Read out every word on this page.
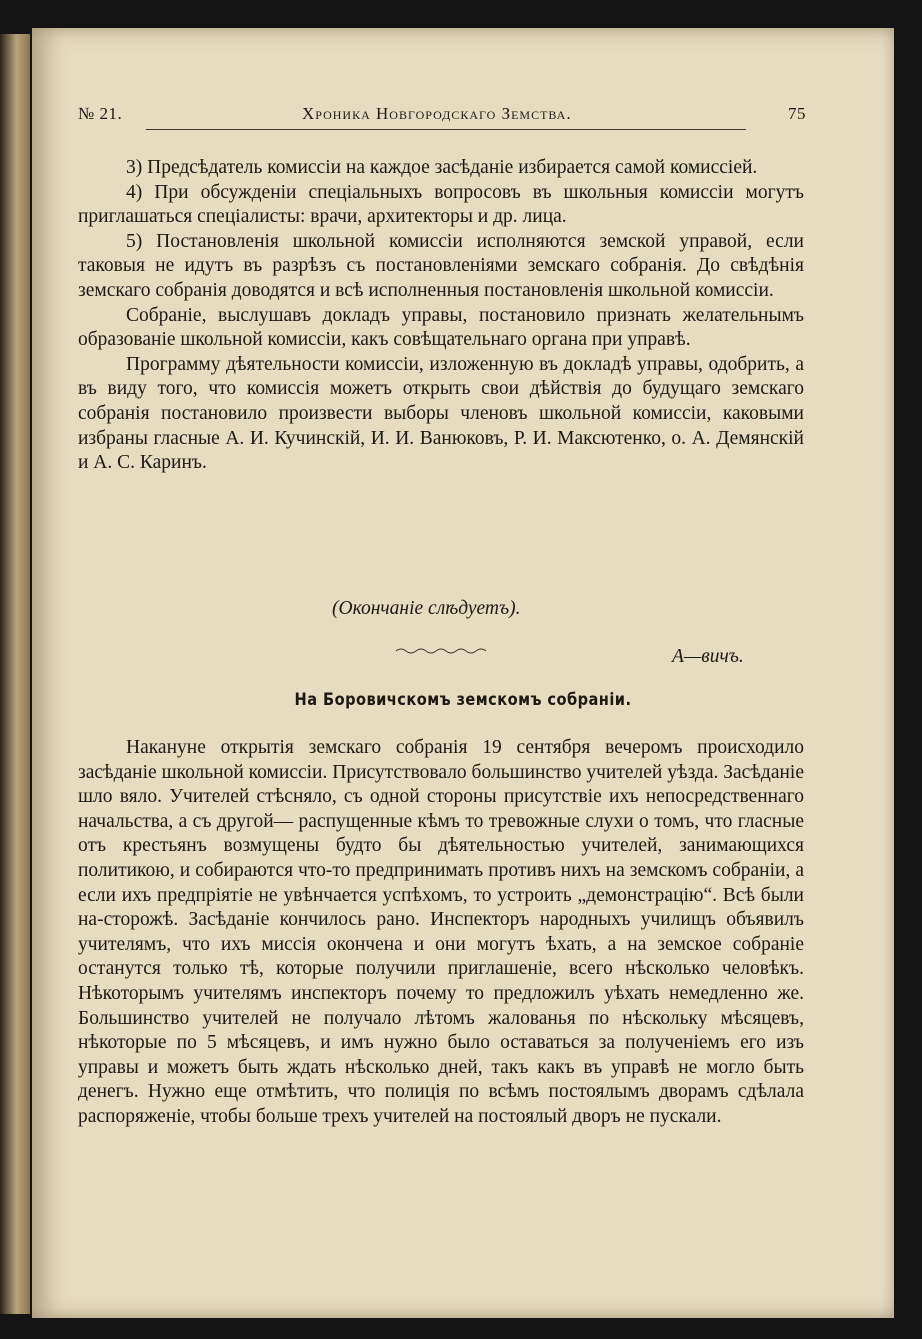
№ 21.	Хроника Новгородскаго Земства.	75

3) Предсѣдатель комиссіи на каждое засѣданіе избирается самой комиссіей.

4) При обсужденіи спеціальныхъ вопросовъ въ школьныя комиссіи могутъ приглашаться спеціалисты: врачи, архитекторы и др. лица.

5) Постановленія школьной комиссіи исполняются земской управой, если таковыя не идутъ въ разрѣзъ съ постановленіями земскаго собранія. До свѣдѣнія земскаго собранія доводятся и всѣ исполненныя постановленія школьной комиссіи.

Собраніе, выслушавъ докладъ управы, постановило признать желательнымъ образованіе школьной комиссіи, какъ совѣщательнаго органа при управѣ.

Программу дѣятельности комиссіи, изложенную въ докладѣ управы, одобрить, а въ виду того, что комиссія можетъ открыть свои дѣйствія до будущаго земскаго собранія постановило произвести выборы членовъ школьной комиссіи, каковыми избраны гласные А. И. Кучинскій, И. И. Ванюковъ, Р. И. Максютенко, о. А. Демянскій и А. С. Каринъ.

(Окончаніе слѣдуетъ).
А—вичъ.
На Боровичскомъ земскомъ собраніи.

Накануне открытія земскаго собранія 19 сентября вечеромъ происходило засѣданіе школьной комиссіи. Присутствовало большинство учителей уѣзда. Засѣданіе шло вяло. Учителей стѣсняло, съ одной стороны присутствіе ихъ непосредственнаго начальства, а съ другой— распущенные кѣмъ то тревожные слухи о томъ, что гласные отъ крестьянъ возмущены будто бы дѣятельностью учителей, занимающихся политикою, и собираются что-то предпринимать противъ нихъ на земскомъ собраніи, а если ихъ предпріятіе не увѣнчается успѣхомъ, то устроить „демонстрацію“. Всѣ были на-сторожѣ. Засѣданіе кончилось рано. Инспекторъ народныхъ училищъ объявилъ учителямъ, что ихъ миссія окончена и они могутъ ѣхать, а на земское собраніе останутся только тѣ, которые получили приглашеніе, всего нѣсколько человѣкъ. Нѣкоторымъ учителямъ инспекторъ почему то предложилъ уѣхать немедленно же. Большинство учителей не получало лѣтомъ жалованья по нѣскольку мѣсяцевъ, нѣкоторые по 5 мѣсяцевъ, и имъ нужно было оставаться за полученіемъ его изъ управы и можетъ быть ждать нѣсколько дней, такъ какъ въ управѣ не могло быть денегъ. Нужно еще отмѣтить, что полиція по всѣмъ постоялымъ дворамъ сдѣлала распоряженіе, чтобы больше трехъ учителей на постоялый дворъ не пускали.
